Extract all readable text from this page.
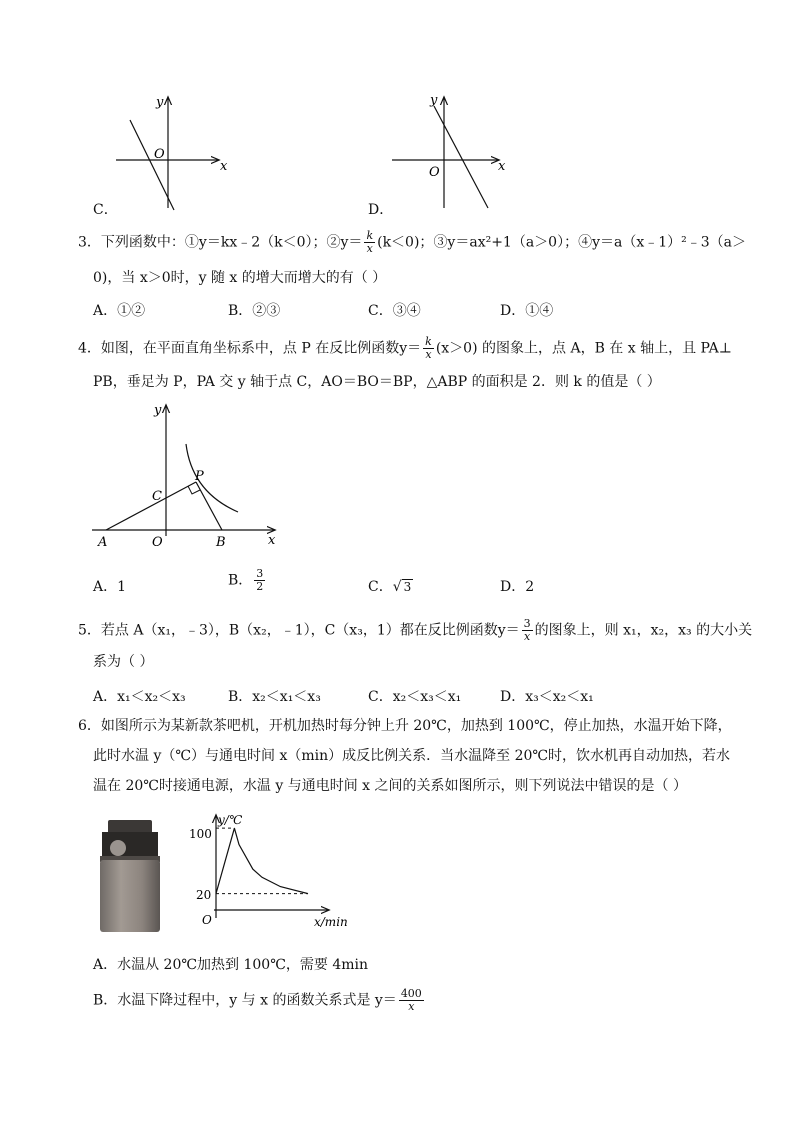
y
x
O
C．
y
x
O
D．
3．下列函数中：①y＝kx﹣2（k＜0）；②y＝ $\frac{k}{x} (k<0)$；③y＝ax²+1（a＞0）；④y＝a（x﹣1）²﹣3（a＞
0)，当 x＞0时，y 随 x 的增大而增大的有（ ）
A．①②	B．②③	C．③④	D．①④
4．如图，在平面直角坐标系中，点 P 在反比例函数$y= \frac{k}{x} (x>0)$ 的图象上，点 A，B 在 x 轴上，且 PA⊥
PB，垂足为 P，PA 交 y 轴于点 C，AO＝BO＝BP，△ABP 的面积是 2．则 k 的值是（ ）
y
x
A	O	B
C
P
A．1	B． $\frac{3}{2}$	C．√ 3	D．2
5．若点 A（x₁，﹣3），B（x₂，﹣1），C（x₃，1）都在反比例函数$y= \frac{3}{x}$ 的图象上，则 x₁，x₂，x₃ 的大小关
系为（ ）
A．x₁＜x₂＜x₃	B．x₂＜x₁＜x₃	C．x₂＜x₃＜x₁	D．x₃＜x₂＜x₁
6．如图所示为某新款茶吧机，开机加热时每分钟上升 20℃，加热到 100℃，停止加热，水温开始下降，
此时水温 y（℃）与通电时间 x（min）成反比例关系．当水温降至 20℃时，饮水机再自动加热，若水
温在 20℃时接通电源，水温 y 与通电时间 x 之间的关系如图所示，则下列说法中错误的是（ ）
y/℃
x/min
O
100
20
A．水温从 20℃加热到 100℃，需要 4min
B．水温下降过程中，y 与 x 的函数关系式是 $y= \frac{400}{x}$
